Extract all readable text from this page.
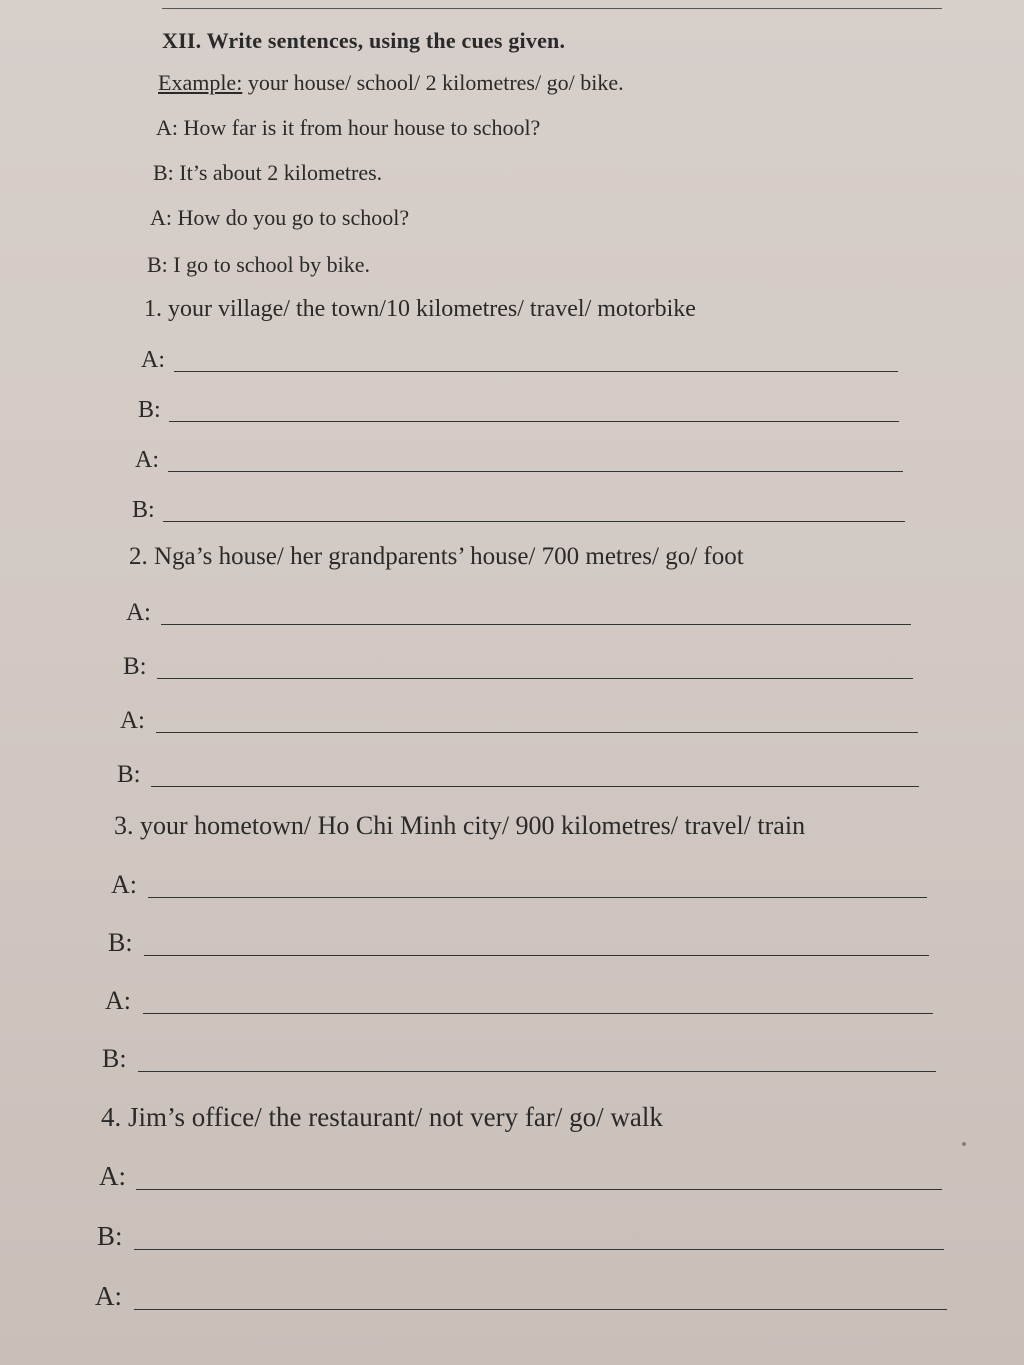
XII. Write sentences, using the cues given.
Example: your house/ school/ 2 kilometres/ go/ bike.
A: How far is it from hour house to school?
B: It’s about 2 kilometres.
A: How do you go to school?
B: I go to school by bike.
1. your village/ the town/10 kilometres/ travel/ motorbike
A:
B:
A:
B:
2. Nga’s house/ her grandparents’ house/ 700 metres/ go/ foot
A:
B:
A:
B:
3. your hometown/ Ho Chi Minh city/ 900 kilometres/ travel/ train
A:
B:
A:
B:
4. Jim’s office/ the restaurant/ not very far/ go/ walk
A:
B:
A:
